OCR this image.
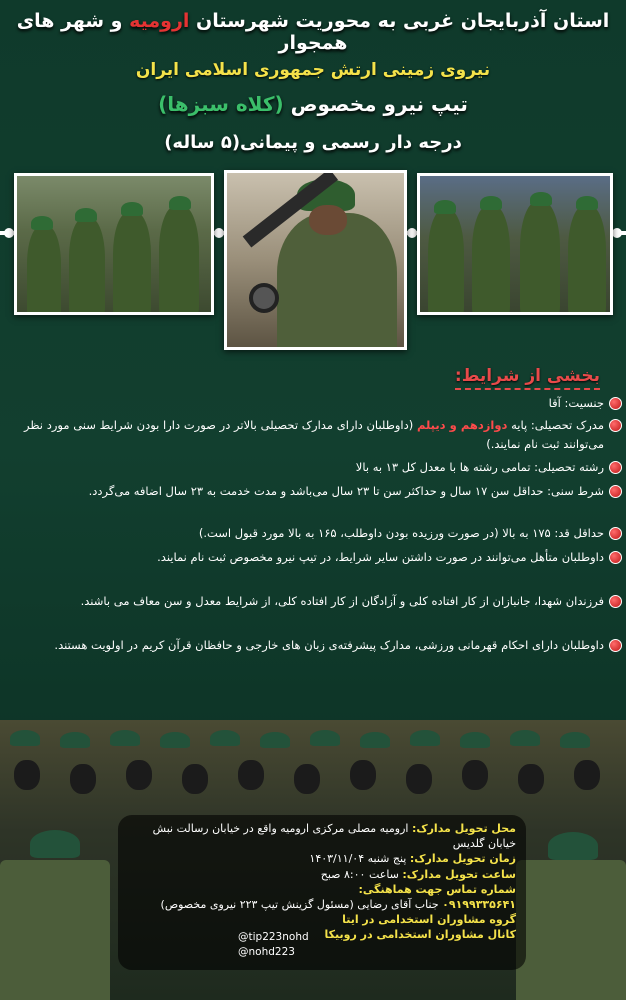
استان آذربایجان غربی به محوریت شهرستان ارومیه و شهر های همجوار
نیروی زمینی ارتش جمهوری اسلامی ایران
تیپ نیرو مخصوص (کلاه سبزها)
درجه دار رسمی و پیمانی(۵ ساله)
بخشی از شرایط:
جنسیت: آقا
مدرک تحصیلی: پایه دوازدهم و دیپلم (داوطلبان دارای مدارک تحصیلی بالاتر در صورت دارا بودن شرایط سنی مورد نظر می‌توانند ثبت نام نمایند.)
رشته تحصیلی: تمامی رشته ها با معدل کل ۱۳ به بالا
شرط سنی: حداقل سن ۱۷ سال و حداکثر سن تا ۲۳ سال می‌باشد و مدت خدمت به ۲۳ سال اضافه می‌گردد.
حداقل قد: ۱۷۵ به بالا (در صورت ورزیده بودن داوطلب، ۱۶۵ به بالا مورد قبول است.)
داوطلبان متأهل می‌توانند در صورت داشتن سایر شرایط، در تیپ نیرو مخصوص ثبت نام نمایند.
فرزندان شهدا، جانبازان از کار افتاده کلی و آزادگان از کار افتاده کلی، از شرایط معدل و سن معاف می باشند.
داوطلبان دارای احکام قهرمانی ورزشی، مدارک پیشرفته‌ی زبان های خارجی و حافظان قرآن کریم در اولویت هستند.
محل تحویل مدارک: ارومیه مصلی مرکزی ارومیه واقع در خیابان رسالت نبش خیابان گلدیس
زمان تحویل مدارک: پنج شنبه ۱۴۰۳/۱۱/۰۴
ساعت تحویل مدارک: ساعت ۸:۰۰ صبح
شماره تماس جهت هماهنگی:
۰۹۱۹۹۳۳۵۶۴۱ جناب آقای رضایی (مسئول گزینش تیپ ۲۲۳ نیروی مخصوص)
گروه مشاوران استخدامی در ایتا
کانال مشاوران استخدامی در روبیکا
@tip223nohd
@nohd223
